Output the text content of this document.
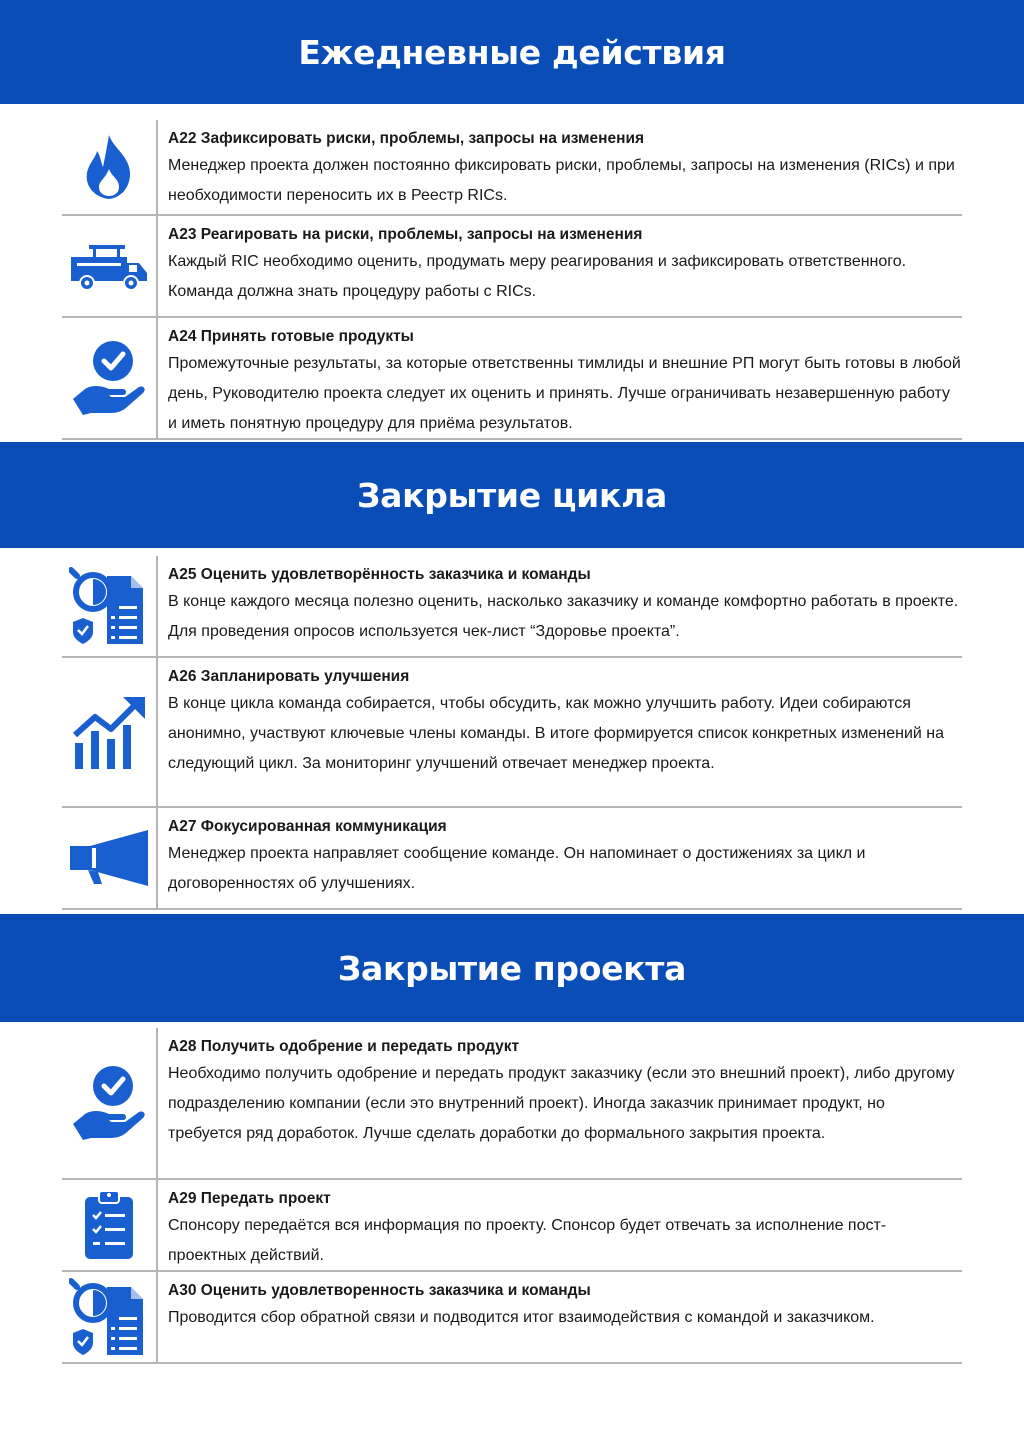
Ежедневные действия

А22 Зафиксировать риски, проблемы, запросы на изменения

Менеджер проекта должен постоянно фиксировать риски, проблемы, запросы на изменения (RICs) и при необходимости переносить их в Реестр RICs.

А23 Реагировать на риски, проблемы, запросы на изменения

Каждый RIC необходимо оценить, продумать меру реагирования и зафиксировать ответственного. Команда должна знать процедуру работы с RICs.

А24 Принять готовые продукты

Промежуточные результаты, за которые ответственны тимлиды и внешние РП могут быть готовы в любой день, Руководителю проекта следует их оценить и принять. Лучше ограничивать незавершенную работу и иметь понятную процедуру для приёма результатов.

Закрытие цикла

А25 Оценить удовлетворённость заказчика и команды

В конце каждого месяца полезно оценить, насколько заказчику и команде комфортно работать в проекте. Для проведения опросов используется чек-лист “Здоровье проекта”.

А26 Запланировать улучшения

В конце цикла команда собирается, чтобы обсудить, как можно улучшить работу. Идеи собираются анонимно, участвуют ключевые члены команды. В итоге формируется список конкретных изменений на следующий цикл. За мониторинг улучшений отвечает менеджер проекта.

А27 Фокусированная коммуникация

Менеджер проекта направляет сообщение команде. Он напоминает о достижениях за цикл и договоренностях об улучшениях.

Закрытие проекта

А28 Получить одобрение и передать продукт

Необходимо получить одобрение и передать продукт заказчику (если это внешний проект), либо другому подразделению компании (если это внутренний проект). Иногда заказчик принимает продукт, но требуется ряд доработок. Лучше сделать доработки до формального закрытия проекта.

А29 Передать проект

Спонсору передаётся вся информация по проекту. Спонсор будет отвечать за исполнение пост-проектных действий.

А30 Оценить удовлетворенность заказчика и команды

Проводится сбор обратной связи и подводится итог взаимодействия с командой и заказчиком.
